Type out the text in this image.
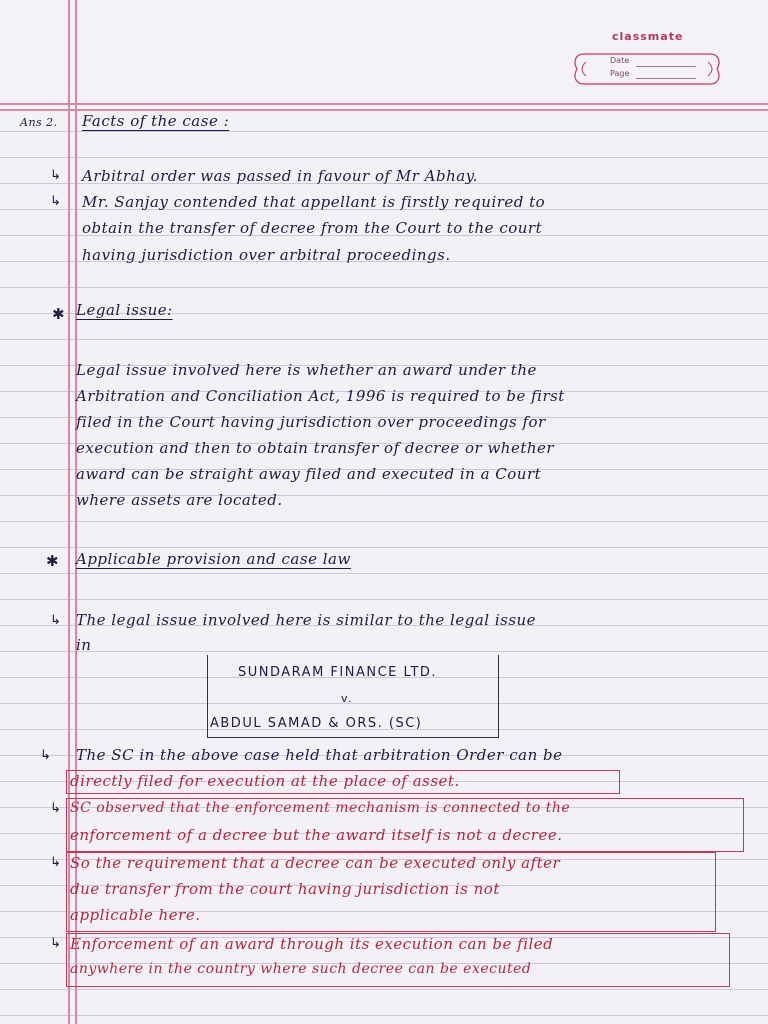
classmate
Date
Page
Ans 2. Facts of the case :
↳ Arbitral order was passed in favour of Mr Abhay.
↳ Mr. Sanjay contended that appellant is firstly required to
obtain the transfer of decree from the Court to the court
having jurisdiction over arbitral proceedings.
✱ Legal issue:
Legal issue involved here is whether an award under the
Arbitration and Conciliation Act, 1996 is required to be first
filed in the Court having jurisdiction over proceedings for
execution and then to obtain transfer of decree or whether
award can be straight away filed and executed in a Court
where assets are located.
✱ Applicable provision and case law
↳ The legal issue involved here is similar to the legal issue
in
SUNDARAM FINANCE LTD.
v.
ABDUL SAMAD & ORS. (SC)
↳ The SC in the above case held that arbitration Order can be
directly filed for execution at the place of asset.
↳ SC observed that the enforcement mechanism is connected to the
enforcement of a decree but the award itself is not a decree.
↳ So the requirement that a decree can be executed only after
due transfer from the court having jurisdiction is not
applicable here.
↳ Enforcement of an award through its execution can be filed
anywhere in the country where such decree can be executed
